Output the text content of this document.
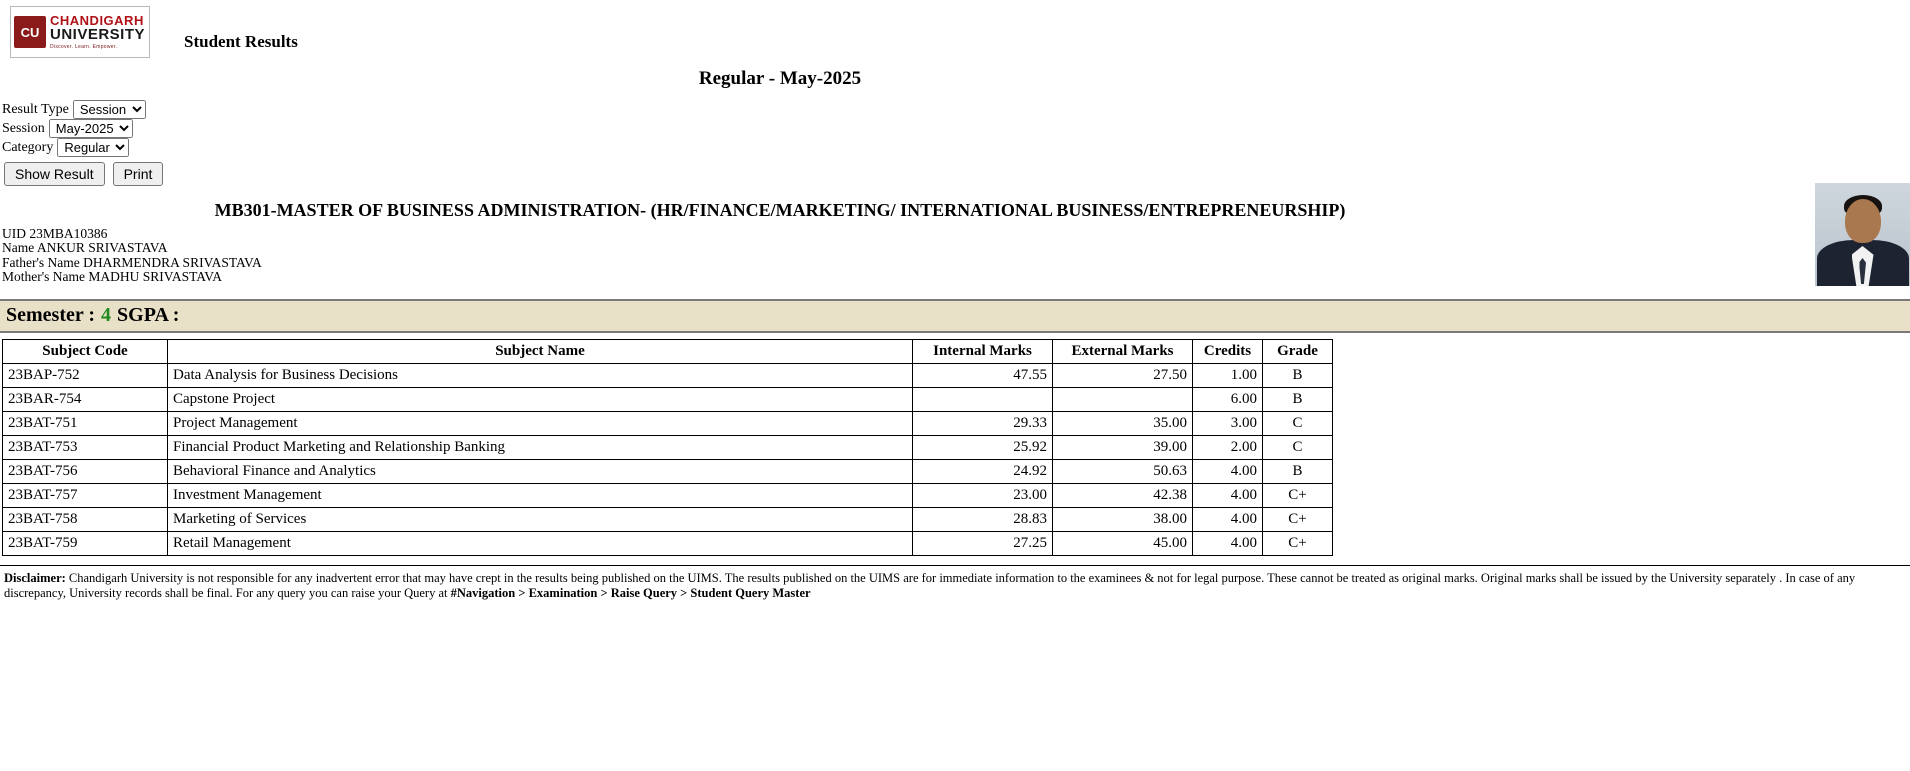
CU
CHANDIGARH
UNIVERSITY
Discover. Learn. Empower.	Student Results
Regular - May-2025
Result Type
Session
Session
May-2025
Category
Regular
Show Result	Print
MB301-MASTER OF BUSINESS ADMINISTRATION- (HR/FINANCE/MARKETING/ INTERNATIONAL BUSINESS/ENTREPRENEURSHIP)
UID 23MBA10386
Name ANKUR SRIVASTAVA
Father's Name DHARMENDRA SRIVASTAVA
Mother's Name MADHU SRIVASTAVA
Semester : 4 SGPA :
Subject Code	Subject Name	Internal Marks	External Marks	Credits	Grade
23BAP-752	Data Analysis for Business Decisions	47.55	27.50	1.00	B
23BAR-754	Capstone Project			6.00	B
23BAT-751	Project Management	29.33	35.00	3.00	C
23BAT-753	Financial Product Marketing and Relationship Banking	25.92	39.00	2.00	C
23BAT-756	Behavioral Finance and Analytics	24.92	50.63	4.00	B
23BAT-757	Investment Management	23.00	42.38	4.00	C+
23BAT-758	Marketing of Services	28.83	38.00	4.00	C+
23BAT-759	Retail Management	27.25	45.00	4.00	C+
Disclaimer: Chandigarh University is not responsible for any inadvertent error that may have crept in the results being published on the UIMS. The results published on the UIMS are for immediate information to the examinees & not for legal purpose. These cannot be treated as original marks. Original marks shall be issued by the University separately . In case of any discrepancy, University records shall be final. For any query you can raise your Query at #Navigation > Examination > Raise Query > Student Query Master
